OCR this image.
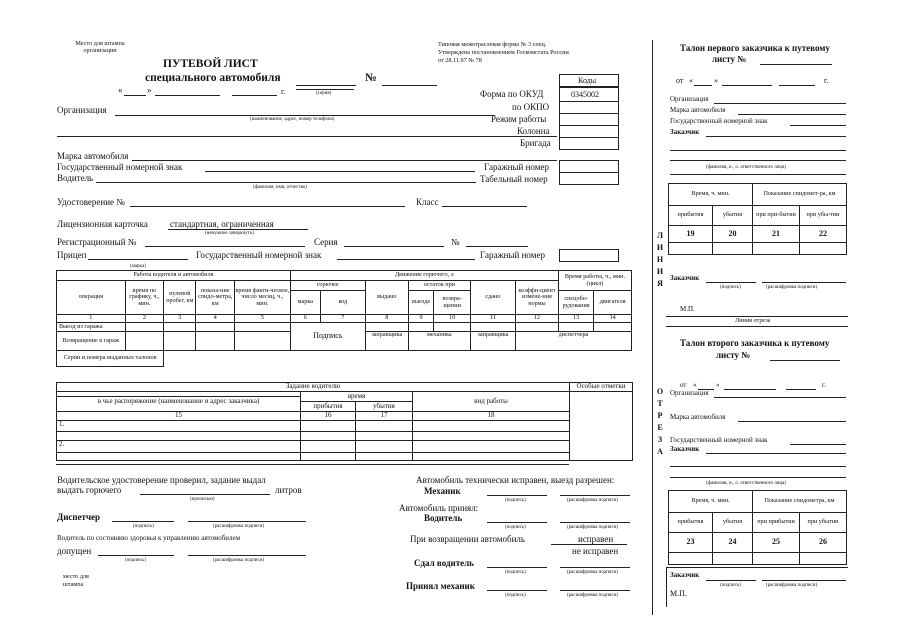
Место для штампа
организации
ПУТЕВОЙ ЛИСТ
специального автомобиля	№
«	»	г.	(серия)
Типовая межотраслевая форма № 3 спец.
Утверждена постановлением Госкомстата России
от 28.11.97 № 78
Коды
0345002
Форма по ОКУД
по ОКПО
Режим работы
Колонна
Бригада
Организация
(наименование, адрес, номер телефона)
Марка автомобиля
Государственный номерной знак
Водитель
(фамилия, имя, отчество)
Гаражный номер
Табельный номер
Удостоверение №	Класс
Лицензионная карточка стандартная, ограниченная
(ненужное зачеркнуть)
Регистрационный №	Серия	№
Прицеп	Государственный номерной знак	Гаражный номер
(марка)
Работа водителя и автомобиля					Движение горючего, л							Время работы, ч., мин. (цикл)	
операция	время по графику, ч., мин.	нулевой пробег, км	показа-ние спидо-метра, км	время факти-ческое, число месяц, ч., мин.	горючее		выдано	остаток при		сдано	коэффи-циент измене-ния нормы		
					марка	код		выезде	возвра-щении			спецобо-рудования	двигателя
1	2	3	4	5	6	7	8	9	10	11	12	13	14
Выезд из гаража					Подпись								
Возвращение в гараж							заправщика	механика		заправщика	диспетчера		
Серии и номера выданных талонов													
Задание водителю				Особые отметки
в чье распоряжение (наименование и адрес заказчика)	время		вид работы	
	прибытия	убытия		
15	16	17	18	
1.				
2.				
Водительское удостоверение проверил, задание выдал
выдать горючего	литров
(прописью)
Диспетчер
(подпись)	(расшифровка подписи)
Водитель по состоянию здоровья к управлению автомобилем
допущен
(подпись)	(расшифровка подписи)
место для
штампа
Автомобиль технически исправен, выезд разрешен:
Механик
(подпись)	(расшифровка подписи)
Автомобиль принял:
Водитель
(подпись)	(расшифровка подписи)
При возвращении автомобиль	исправен
не исправен
Сдал водитель
(подпись)	(расшифровка подписи)
Принял механик
(подпись)	(расшифровка подписи)
Л
И
Н
И
Я
О
Т
Р
Е
З
А
Талон первого заказчика к путевому
листу №
от «	»	г.
Организация
Марка автомобиля
Государственный номерной знак
Заказчик
(фамилия, и., о. ответственного лица)
Время, ч. мин.		Показание спидомет-ра, км	
прибытия	убытия	при при-бытии	при убы-тии
19	20	21	22

Заказчик
(подпись)	(расшифровка подписи)
М.П.
Линия отреза
Талон второго заказчика к путевому
листу №
от «	»	г.
Организация
Марка автомобиля
Государственный номерной знак
Заказчик
(фамилия, и., о. ответственного лица)
Время, ч. мин.		Показание спидометра, км	
прибытия	убытия	при прибытии	при убытии
23	24	25	26

Заказчик
(подпись)	(расшифровка подписи)
М.П.
